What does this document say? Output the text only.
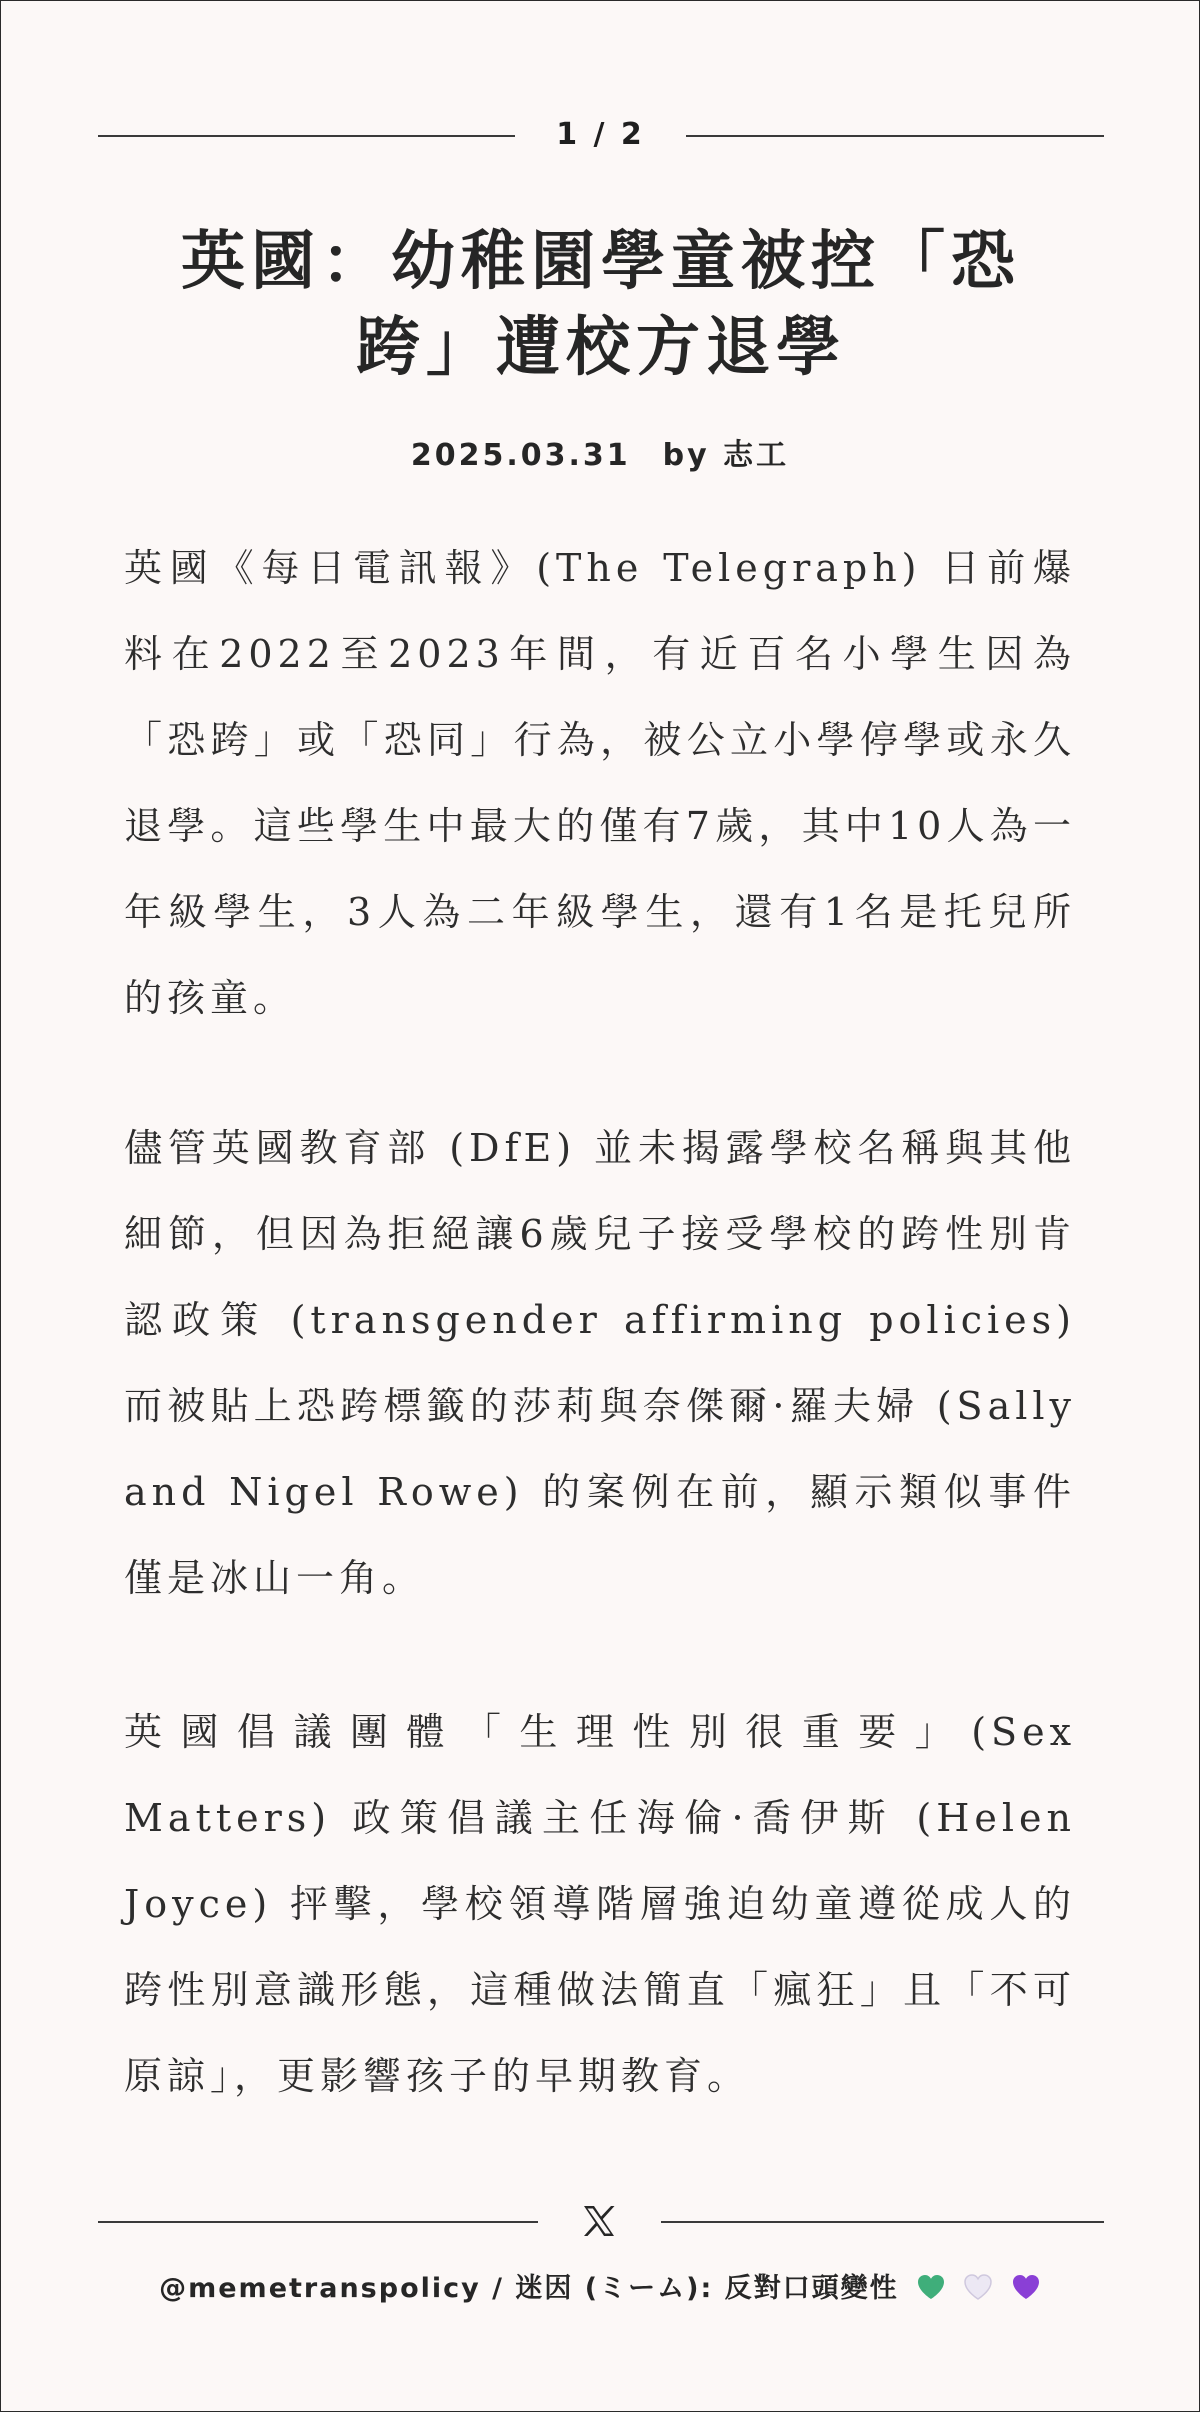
1 / 2
英國：幼稚園學童被控「恐跨」遭校方退學
2025.03.31 by 志工

英國《每日電訊報》(The Telegraph) 日前爆料在2022至2023年間，有近百名小學生因為「恐跨」或「恐同」行為，被公立小學停學或永久退學。這些學生中最大的僅有7歲，其中10人為一年級學生，3人為二年級學生，還有1名是托兒所的孩童。

儘管英國教育部 (DfE) 並未揭露學校名稱與其他細節，但因為拒絕讓6歲兒子接受學校的跨性別肯認政策 (transgender affirming policies) 而被貼上恐跨標籤的莎莉與奈傑爾·羅夫婦 (Sally and Nigel Rowe) 的案例在前，顯示類似事件僅是冰山一角。

英國倡議團體「生理性別很重要」(Sex Matters) 政策倡議主任海倫·喬伊斯 (Helen Joyce) 抨擊，學校領導階層強迫幼童遵從成人的跨性別意識形態，這種做法簡直「瘋狂」且「不可原諒」，更影響孩子的早期教育。

@memetranspolicy / 迷因 (ミーム): 反對口頭變性
